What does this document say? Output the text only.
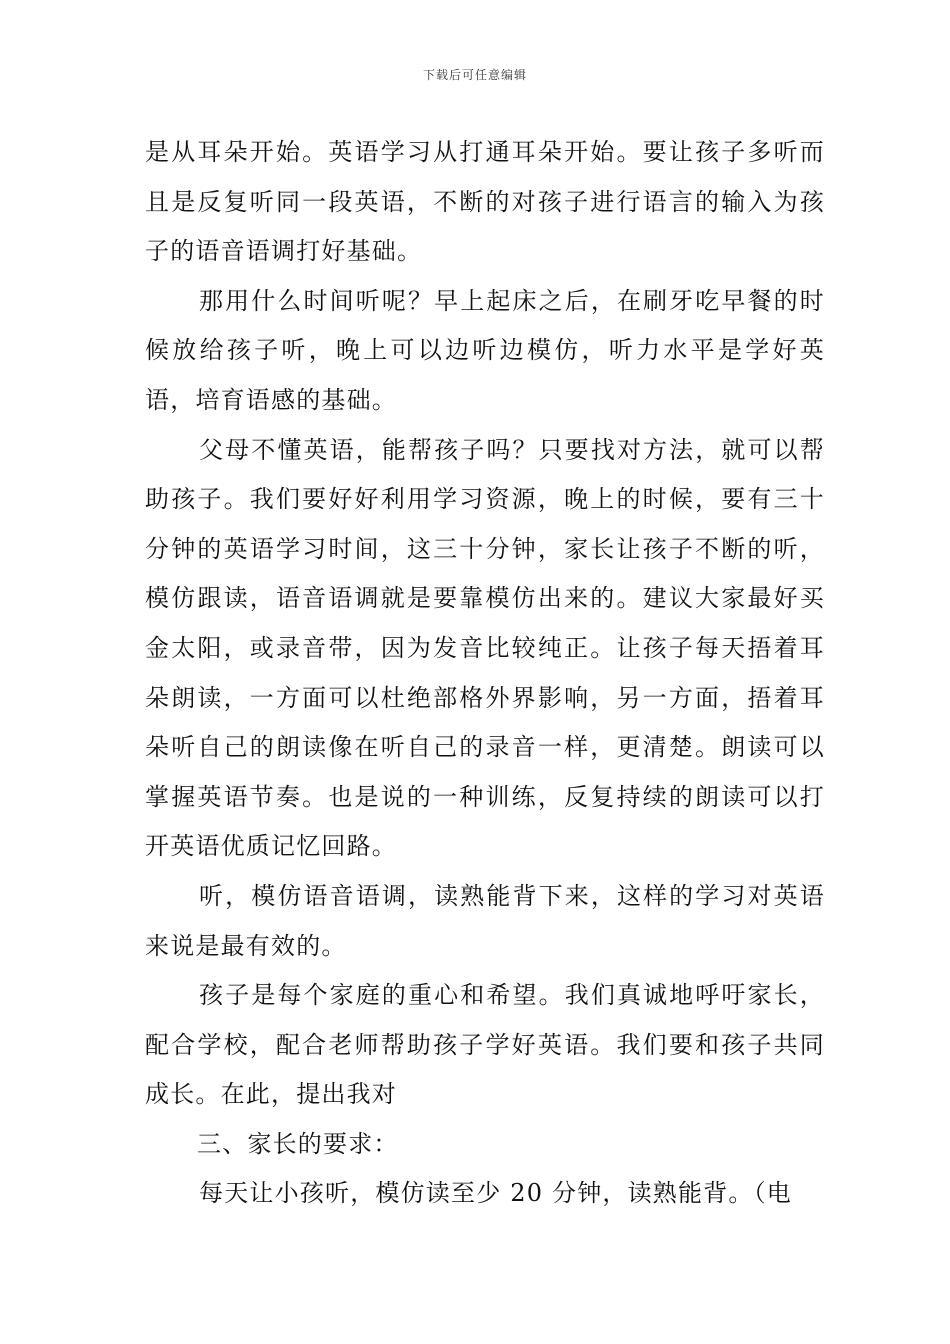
下载后可任意编辑

是从耳朵开始。英语学习从打通耳朵开始。要让孩子多听而且是反复听同一段英语，不断的对孩子进行语言的输入为孩子的语音语调打好基础。

那用什么时间听呢？早上起床之后，在刷牙吃早餐的时候放给孩子听，晚上可以边听边模仿，听力水平是学好英语，培育语感的基础。

父母不懂英语，能帮孩子吗？只要找对方法，就可以帮助孩子。我们要好好利用学习资源，晚上的时候，要有三十分钟的英语学习时间，这三十分钟，家长让孩子不断的听，模仿跟读，语音语调就是要靠模仿出来的。建议大家最好买金太阳，或录音带，因为发音比较纯正。让孩子每天捂着耳朵朗读，一方面可以杜绝部格外界影响，另一方面，捂着耳朵听自己的朗读像在听自己的录音一样，更清楚。朗读可以掌握英语节奏。也是说的一种训练，反复持续的朗读可以打开英语优质记忆回路。

听，模仿语音语调，读熟能背下来，这样的学习对英语来说是最有效的。

孩子是每个家庭的重心和希望。我们真诚地呼吁家长，配合学校，配合老师帮助孩子学好英语。我们要和孩子共同成长。在此，提出我对

三、家长的要求：

每天让小孩听，模仿读至少 20 分钟，读熟能背。（电
